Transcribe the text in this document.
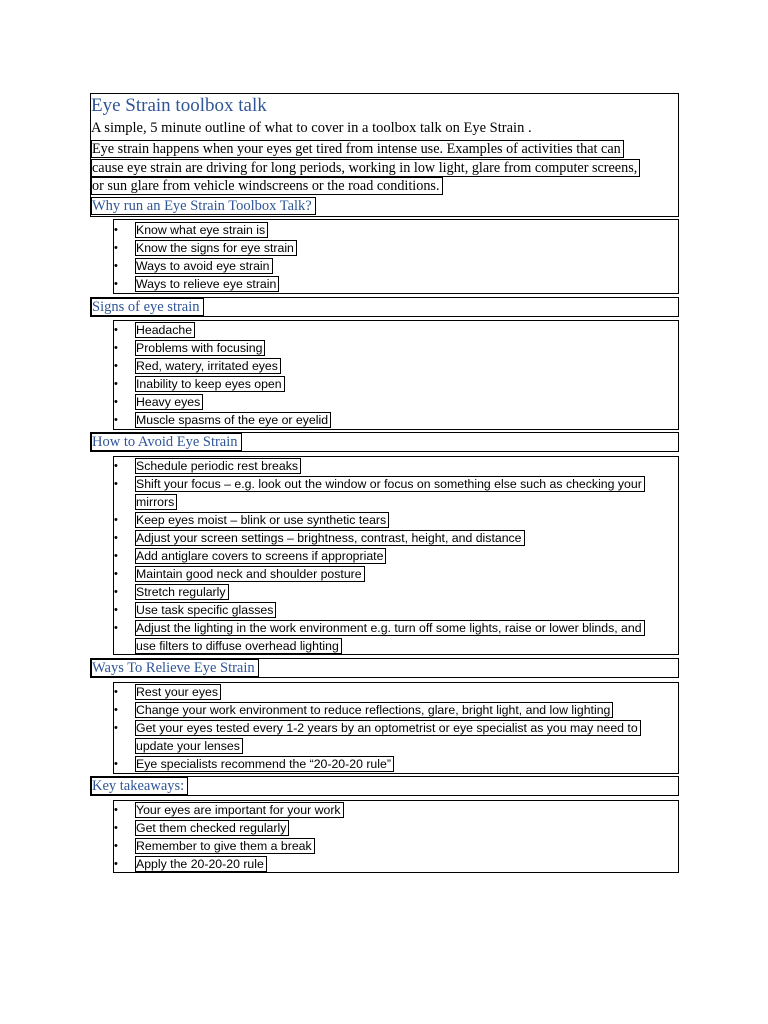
Eye Strain toolbox talk
A simple, 5 minute outline of what to cover in a toolbox talk on Eye Strain .
Eye strain happens when your eyes get tired from intense use. Examples of activities that can
cause eye strain are driving for long periods, working in low light, glare from computer screens,
or sun glare from vehicle windscreens or the road conditions.
Why run an Eye Strain Toolbox Talk?
• Know what eye strain is
• Know the signs for eye strain
• Ways to avoid eye strain
• Ways to relieve eye strain
Signs of eye strain
• Headache
• Problems with focusing
• Red, watery, irritated eyes
• Inability to keep eyes open
• Heavy eyes
• Muscle spasms of the eye or eyelid
How to Avoid Eye Strain
• Schedule periodic rest breaks
• Shift your focus – e.g. look out the window or focus on something else such as checking your
mirrors
• Keep eyes moist – blink or use synthetic tears
• Adjust your screen settings – brightness, contrast, height, and distance
• Add antiglare covers to screens if appropriate
• Maintain good neck and shoulder posture
• Stretch regularly
• Use task specific glasses
• Adjust the lighting in the work environment e.g. turn off some lights, raise or lower blinds, and
use filters to diffuse overhead lighting
Ways To Relieve Eye Strain
• Rest your eyes
• Change your work environment to reduce reflections, glare, bright light, and low lighting
• Get your eyes tested every 1-2 years by an optometrist or eye specialist as you may need to
update your lenses
• Eye specialists recommend the “20-20-20 rule”
Key takeaways:
• Your eyes are important for your work
• Get them checked regularly
• Remember to give them a break
• Apply the 20-20-20 rule
